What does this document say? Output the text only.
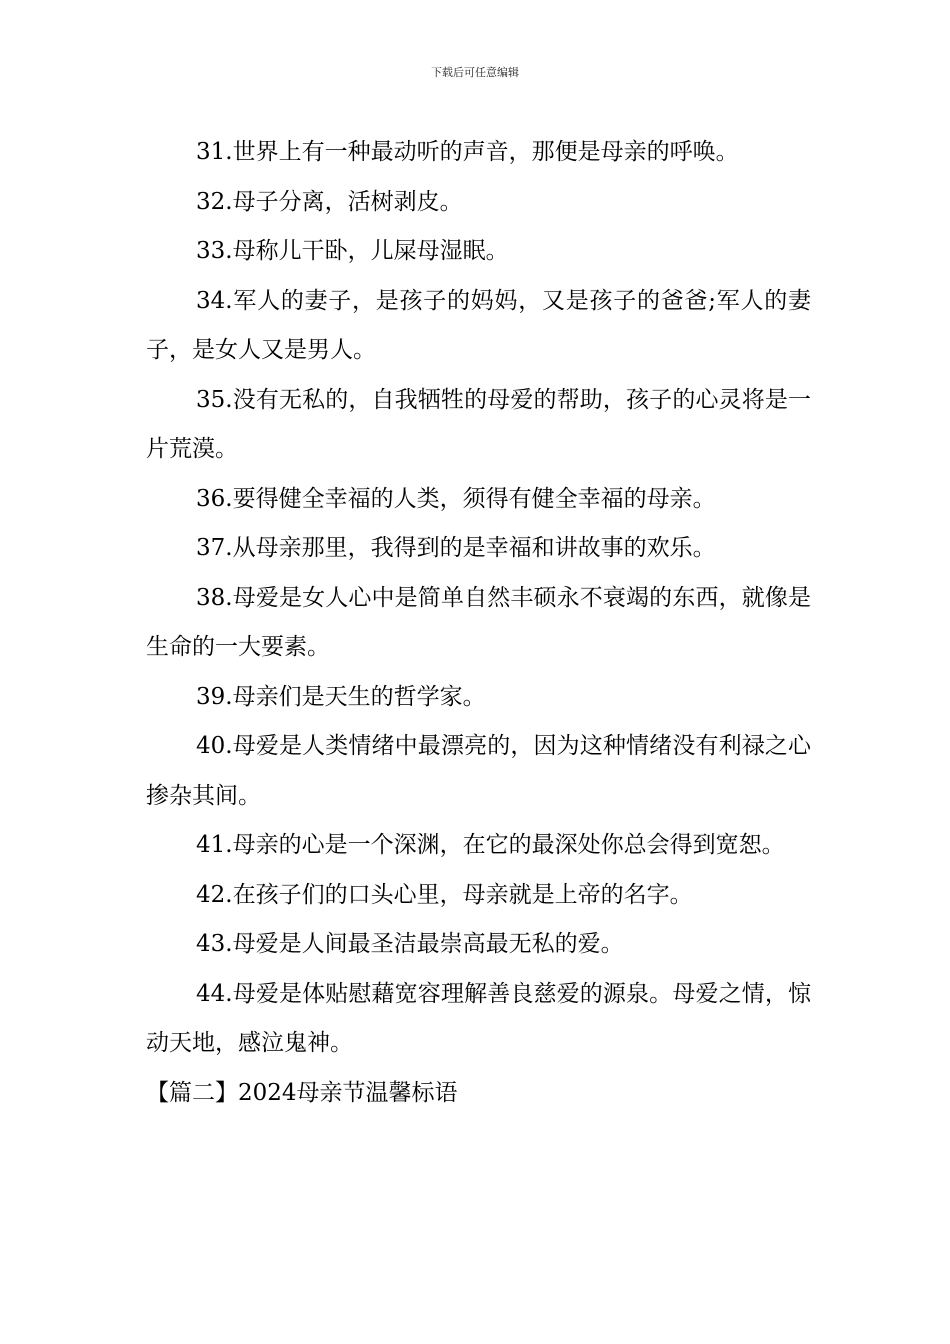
下载后可任意编辑

31.世界上有一种最动听的声音，那便是母亲的呼唤。

32.母子分离，活树剥皮。

33.母称儿干卧，儿屎母湿眠。

34.军人的妻子，是孩子的妈妈，又是孩子的爸爸;军人的妻子，是女人又是男人。

35.没有无私的，自我牺牲的母爱的帮助，孩子的心灵将是一片荒漠。

36.要得健全幸福的人类，须得有健全幸福的母亲。

37.从母亲那里，我得到的是幸福和讲故事的欢乐。

38.母爱是女人心中是简单自然丰硕永不衰竭的东西，就像是生命的一大要素。

39.母亲们是天生的哲学家。

40.母爱是人类情绪中最漂亮的，因为这种情绪没有利禄之心掺杂其间。

41.母亲的心是一个深渊，在它的最深处你总会得到宽恕。

42.在孩子们的口头心里，母亲就是上帝的名字。

43.母爱是人间最圣洁最崇高最无私的爱。

44.母爱是体贴慰藉宽容理解善良慈爱的源泉。母爱之情，惊动天地，感泣鬼神。

【篇二】2024母亲节温馨标语
